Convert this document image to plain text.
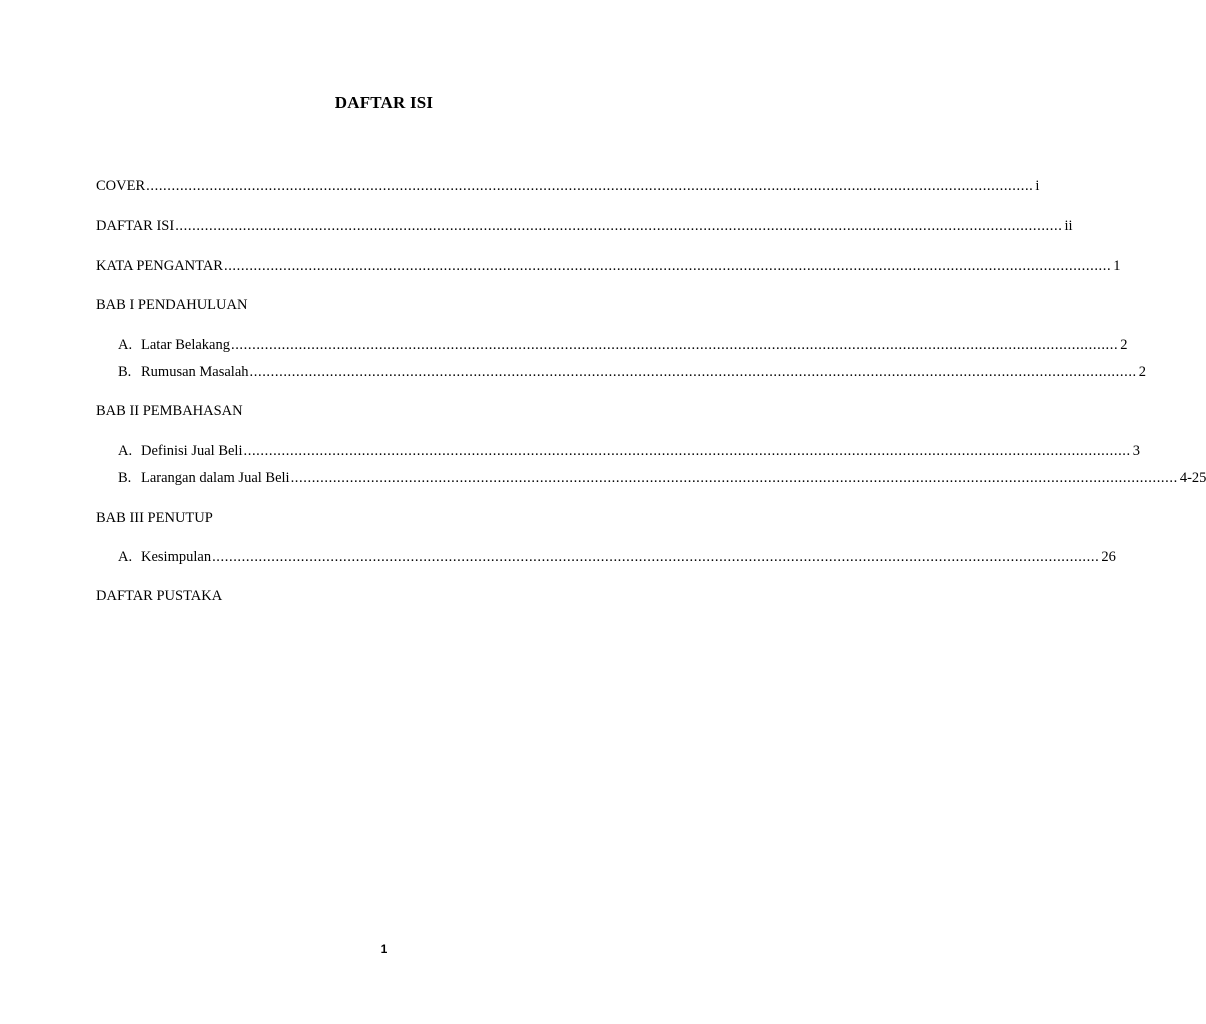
DAFTAR ISI
COVER .................................................................................................................................................................................................................. i
DAFTAR ISI .................................................................................................................................................................................................................. ii
KATA PENGANTAR .................................................................................................................................................................................................................. 1
BAB I PENDAHULUAN
A. Latar Belakang .................................................................................................................................................................................................................. 2
B. Rumusan Masalah .................................................................................................................................................................................................................. 2
BAB II PEMBAHASAN
A. Definisi Jual Beli .................................................................................................................................................................................................................. 3
B. Larangan dalam Jual Beli .................................................................................................................................................................................................................. 4-25
BAB III PENUTUP
A. Kesimpulan .................................................................................................................................................................................................................. 26
DAFTAR PUSTAKA
1
